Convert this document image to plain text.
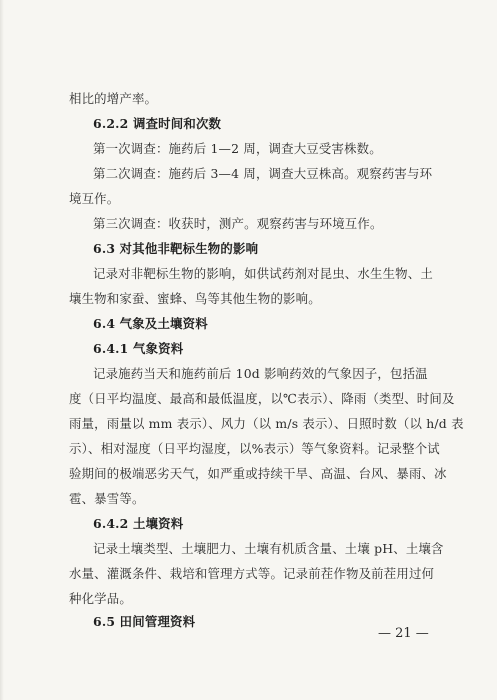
相比的增产率。
6.2.2 调查时间和次数
第一次调查：施药后 1—2 周，调查大豆受害株数。
第二次调查：施药后 3—4 周，调查大豆株高。观察药害与环
境互作。
第三次调查：收获时，测产。观察药害与环境互作。
6.3 对其他非靶标生物的影响
记录对非靶标生物的影响，如供试药剂对昆虫、水生生物、土
壤生物和家蚕、蜜蜂、鸟等其他生物的影响。
6.4 气象及土壤资料
6.4.1 气象资料
记录施药当天和施药前后 10d 影响药效的气象因子，包括温
度（日平均温度、最高和最低温度，以℃表示）、降雨（类型、时间及
雨量，雨量以 mm 表示）、风力（以 m/s 表示）、日照时数（以 h/d 表
示）、相对湿度（日平均湿度，以%表示）等气象资料。记录整个试
验期间的极端恶劣天气，如严重或持续干旱、高温、台风、暴雨、冰
雹、暴雪等。
6.4.2 土壤资料
记录土壤类型、土壤肥力、土壤有机质含量、土壤 pH、土壤含
水量、灌溉条件、栽培和管理方式等。记录前茬作物及前茬用过何
种化学品。
6.5 田间管理资料
— 21 —
